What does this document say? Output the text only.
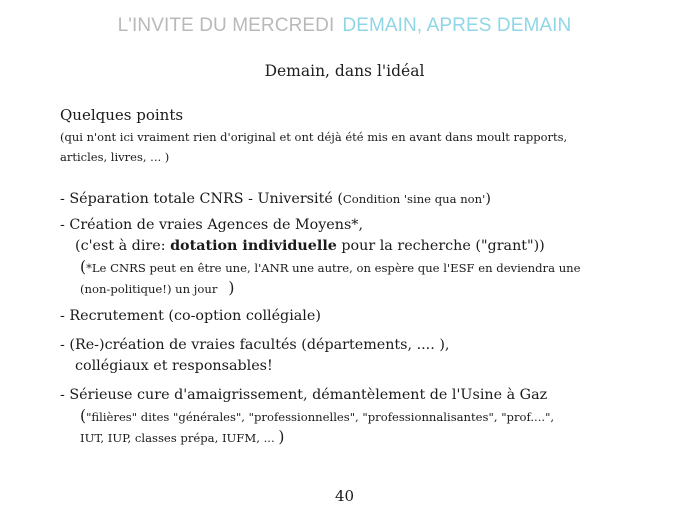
L'INVITE DU MERCREDI DEMAIN, APRES DEMAIN
Demain, dans l'idéal
Quelques points
(qui n'ont ici vraiment rien d'original et ont déjà été mis en avant dans moult rapports,
articles, livres, ... )
- Séparation totale CNRS - Université (Condition 'sine qua non')
- Création de vraies Agences de Moyens*,
(c'est à dire: dotation individuelle pour la recherche ("grant"))
(*Le CNRS peut en être une, l'ANR une autre, on espère que l'ESF en deviendra une
(non-politique!) un jour )
- Recrutement (co-option collégiale)
- (Re-)création de vraies facultés (départements, .... ),
collégiaux et responsables!
- Sérieuse cure d'amaigrissement, démantèlement de l'Usine à Gaz
("filières" dites "générales", "professionnelles", "professionnalisantes", "prof....",
IUT, IUP, classes prépa, IUFM, ... )
40
